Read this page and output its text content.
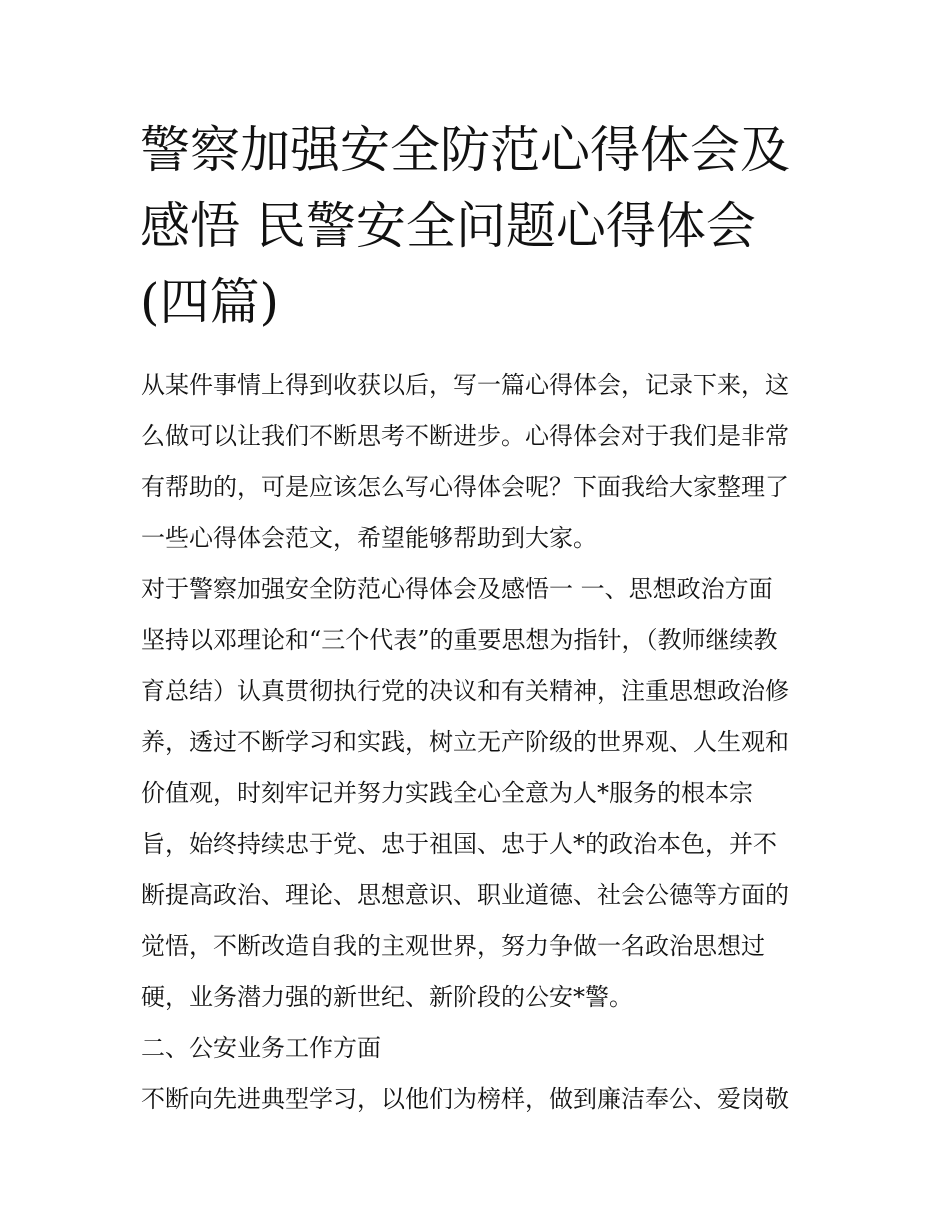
警察加强安全防范心得体会及
感悟 民警安全问题心得体会
(四篇)
从某件事情上得到收获以后，写一篇心得体会，记录下来，这
么做可以让我们不断思考不断进步。心得体会对于我们是非常
有帮助的，可是应该怎么写心得体会呢？下面我给大家整理了
一些心得体会范文，希望能够帮助到大家。
对于警察加强安全防范心得体会及感悟一 一、思想政治方面
坚持以邓理论和“三个代表”的重要思想为指针，（教师继续教
育总结）认真贯彻执行党的决议和有关精神，注重思想政治修
养，透过不断学习和实践，树立无产阶级的世界观、人生观和
价值观，时刻牢记并努力实践全心全意为人*服务的根本宗
旨，始终持续忠于党、忠于祖国、忠于人*的政治本色，并不
断提高政治、理论、思想意识、职业道德、社会公德等方面的
觉悟，不断改造自我的主观世界，努力争做一名政治思想过
硬，业务潜力强的新世纪、新阶段的公安*警。
二、公安业务工作方面
不断向先进典型学习，以他们为榜样，做到廉洁奉公、爱岗敬
